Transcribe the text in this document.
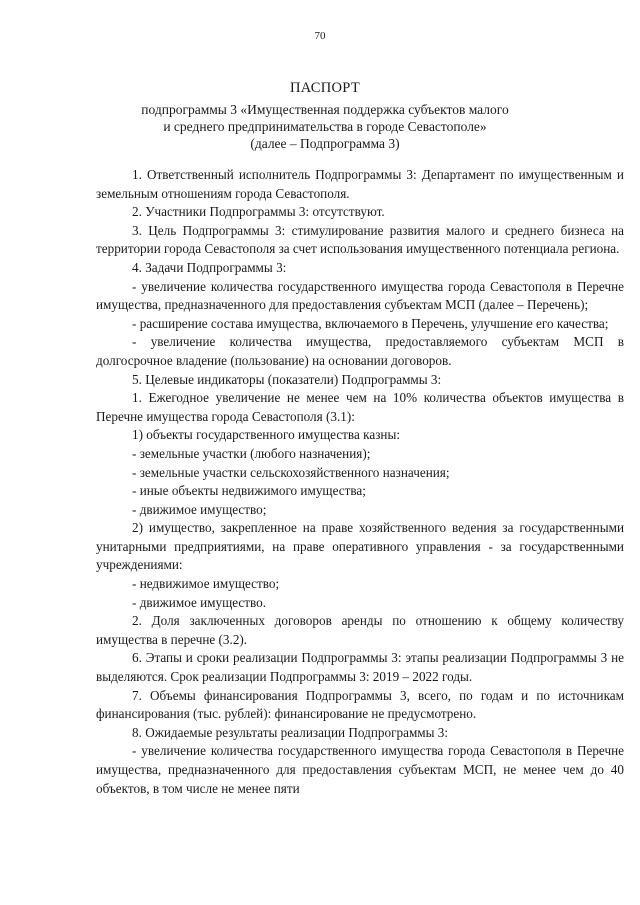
70
ПАСПОРТ
подпрограммы 3 «Имущественная поддержка субъектов малого
и среднего предпринимательства в городе Севастополе»
(далее – Подпрограмма 3)

1. Ответственный исполнитель Подпрограммы 3: Департамент по имущественным и земельным отношениям города Севастополя.

2. Участники Подпрограммы 3: отсутствуют.

3. Цель Подпрограммы 3: стимулирование развития малого и среднего бизнеса на территории города Севастополя за счет использования имущественного потенциала региона.

4. Задачи Подпрограммы 3:

- увеличение количества государственного имущества города Севастополя в Перечне имущества, предназначенного для предоставления субъектам МСП (далее – Перечень);

- расширение состава имущества, включаемого в Перечень, улучшение его качества;

- увеличение количества имущества, предоставляемого субъектам МСП в долгосрочное владение (пользование) на основании договоров.

5. Целевые индикаторы (показатели) Подпрограммы 3:

1. Ежегодное увеличение не менее чем на 10% количества объектов имущества в Перечне имущества города Севастополя (3.1):

1) объекты государственного имущества казны:

- земельные участки (любого назначения);

- земельные участки сельскохозяйственного назначения;

- иные объекты недвижимого имущества;

- движимое имущество;

2) имущество, закрепленное на праве хозяйственного ведения за государственными унитарными предприятиями, на праве оперативного управления - за государственными учреждениями:

- недвижимое имущество;

- движимое имущество.

2. Доля заключенных договоров аренды по отношению к общему количеству имущества в перечне (3.2).

6. Этапы и сроки реализации Подпрограммы 3: этапы реализации Подпрограммы 3 не выделяются. Срок реализации Подпрограммы 3: 2019 – 2022 годы.

7. Объемы финансирования Подпрограммы 3, всего, по годам и по источникам финансирования (тыс. рублей): финансирование не предусмотрено.

8. Ожидаемые результаты реализации Подпрограммы 3:

- увеличение количества государственного имущества города Севастополя в Перечне имущества, предназначенного для предоставления субъектам МСП, не менее чем до 40 объектов, в том числе не менее пяти
